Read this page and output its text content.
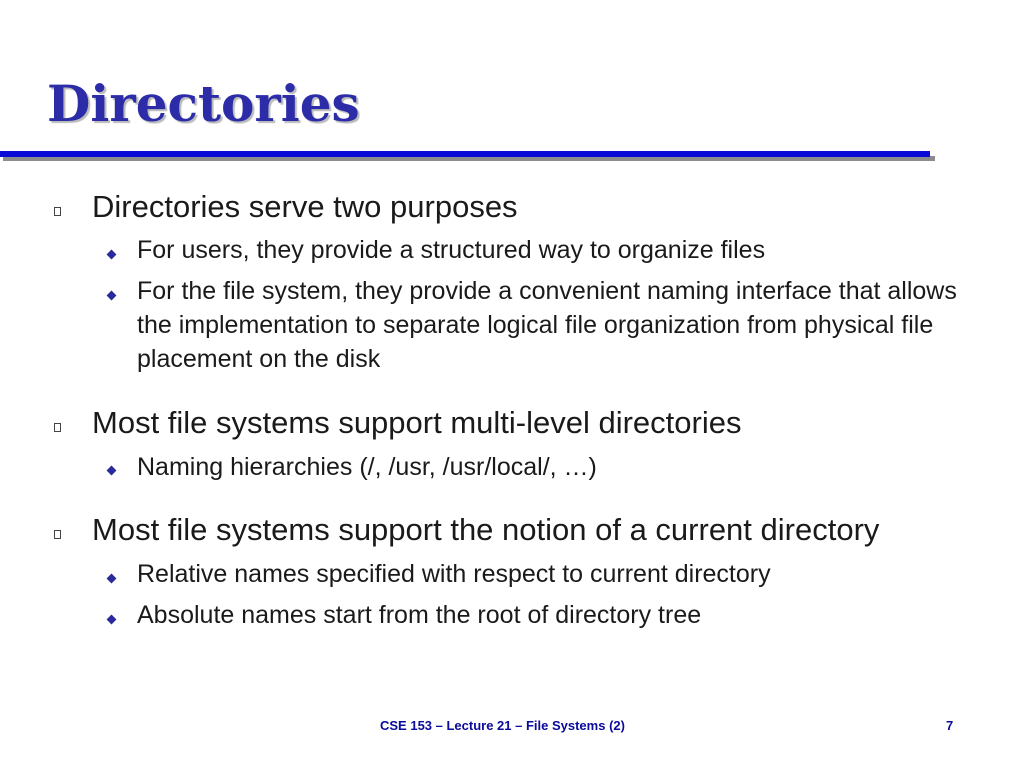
Directories

Directories serve two purposes

For users, they provide a structured way to organize files

For the file system, they provide a convenient naming interface that allows the implementation to separate logical file organization from physical file placement on the disk

Most file systems support multi-level directories

Naming hierarchies (/, /usr, /usr/local/, …)

Most file systems support the notion of a current directory

Relative names specified with respect to current directory

Absolute names start from the root of directory tree

CSE 153 – Lecture 21 – File Systems (2)	7
